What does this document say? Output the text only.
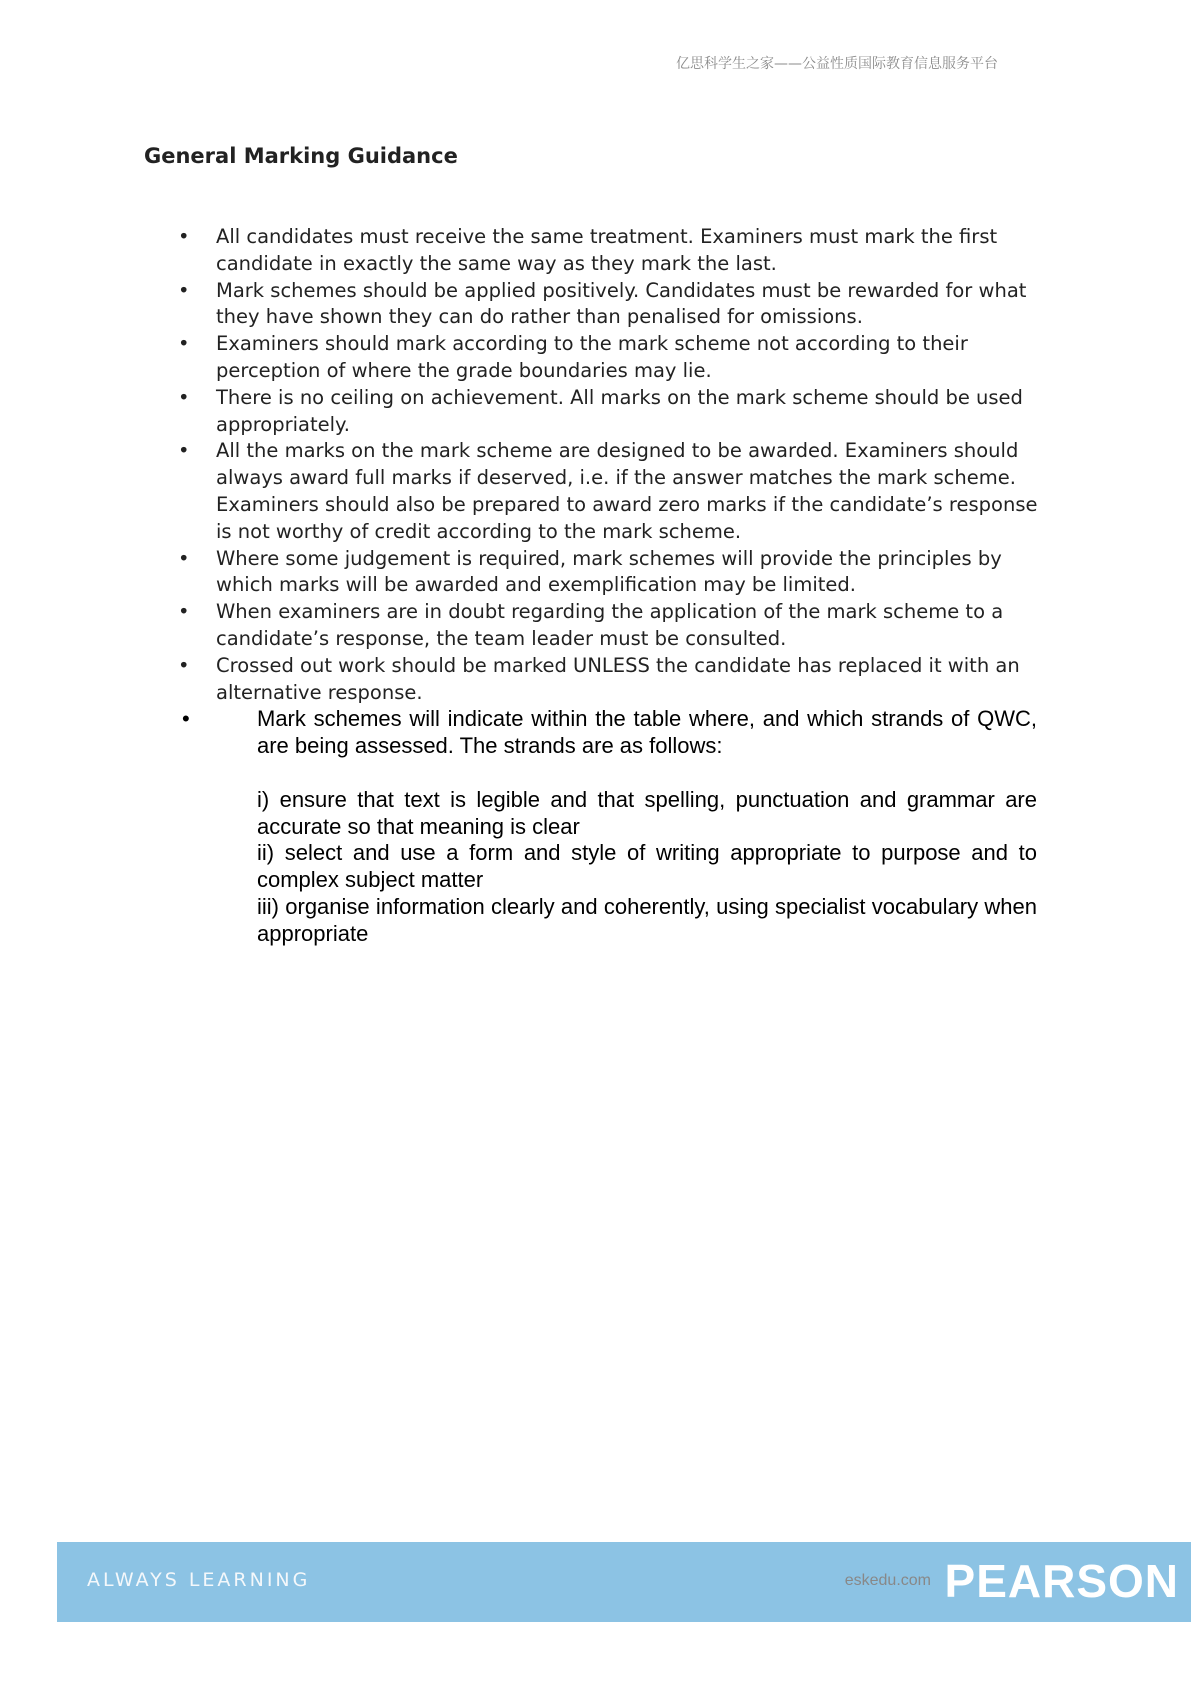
亿思科学生之家——公益性质国际教育信息服务平台
General Marking Guidance
• All candidates must receive the same treatment. Examiners must mark the first candidate in exactly the same way as they mark the last.
• Mark schemes should be applied positively. Candidates must be rewarded for what they have shown they can do rather than penalised for omissions.
• Examiners should mark according to the mark scheme not according to their perception of where the grade boundaries may lie.
• There is no ceiling on achievement. All marks on the mark scheme should be used appropriately.
• All the marks on the mark scheme are designed to be awarded. Examiners should always award full marks if deserved, i.e. if the answer matches the mark scheme. Examiners should also be prepared to award zero marks if the candidate’s response is not worthy of credit according to the mark scheme.
• Where some judgement is required, mark schemes will provide the principles by which marks will be awarded and exemplification may be limited.
• When examiners are in doubt regarding the application of the mark scheme to a candidate’s response, the team leader must be consulted.
• Crossed out work should be marked UNLESS the candidate has replaced it with an alternative response.
•	Mark schemes will indicate within the table where, and which strands of QWC, are being assessed. The strands are as follows:
i) ensure that text is legible and that spelling, punctuation and grammar are accurate so that meaning is clear
ii) select and use a form and style of writing appropriate to purpose and to complex subject matter
iii) organise information clearly and coherently, using specialist vocabulary when appropriate
ALWAYS LEARNING	eskedu.com PEARSON
